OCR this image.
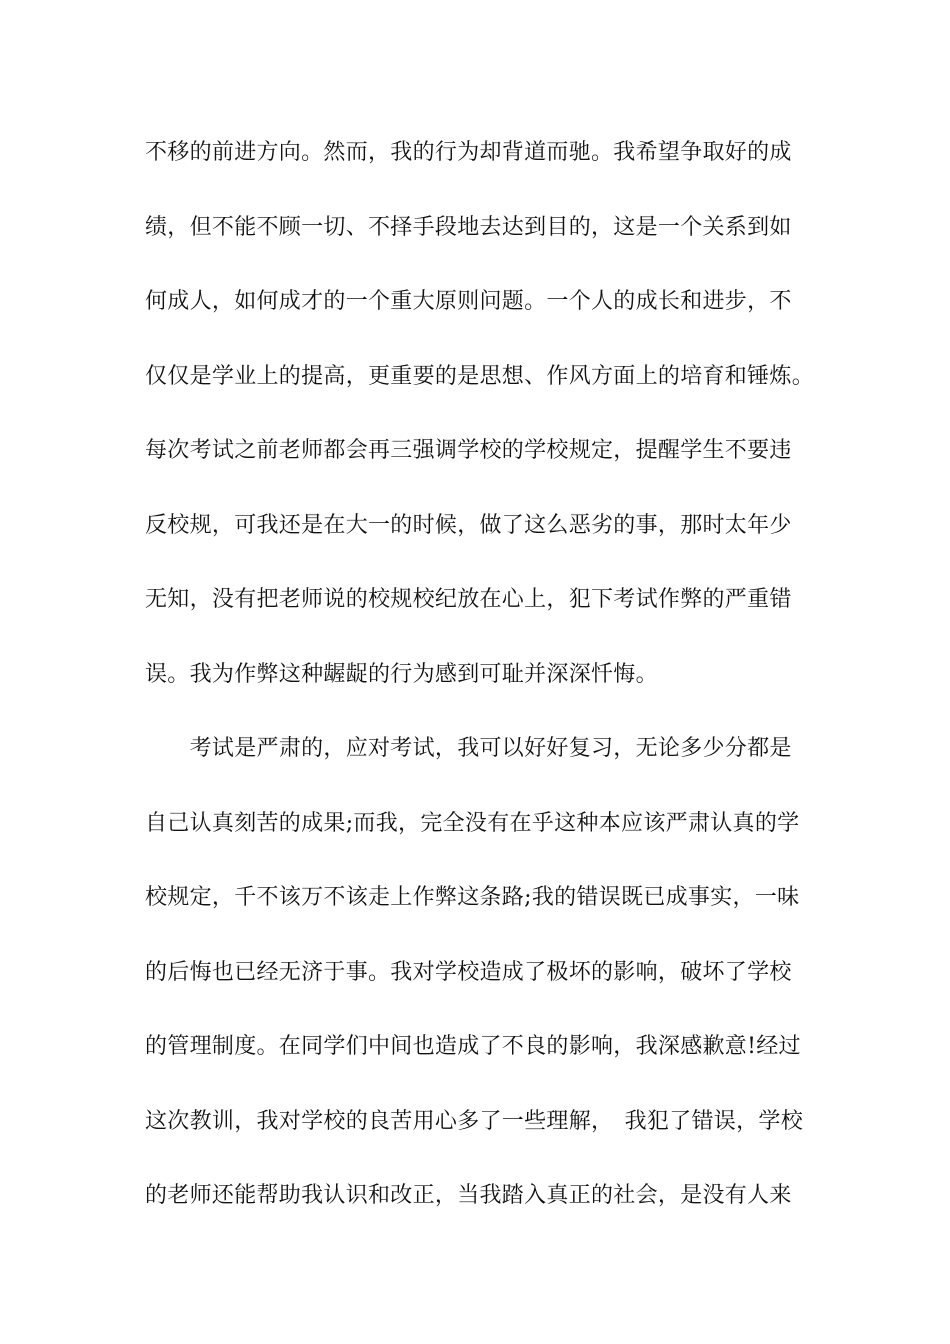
不移的前进方向。然而，我的行为却背道而驰。我希望争取好的成
绩，但不能不顾一切、不择手段地去达到目的，这是一个关系到如
何成人，如何成才的一个重大原则问题。一个人的成长和进步，不
仅仅是学业上的提高，更重要的是思想、作风方面上的培育和锤炼。
每次考试之前老师都会再三强调学校的学校规定，提醒学生不要违
反校规，可我还是在大一的时候，做了这么恶劣的事，那时太年少
无知，没有把老师说的校规校纪放在心上，犯下考试作弊的严重错
误。我为作弊这种龌龊的行为感到可耻并深深忏悔。
　　考试是严肃的，应对考试，我可以好好复习，无论多少分都是
自己认真刻苦的成果;而我，完全没有在乎这种本应该严肃认真的学
校规定，千不该万不该走上作弊这条路;我的错误既已成事实，一味
的后悔也已经无济于事。我对学校造成了极坏的影响，破坏了学校
的管理制度。在同学们中间也造成了不良的影响，我深感歉意!经过
这次教训，我对学校的良苦用心多了一些理解，　我犯了错误，学校
的老师还能帮助我认识和改正，当我踏入真正的社会，是没有人来
